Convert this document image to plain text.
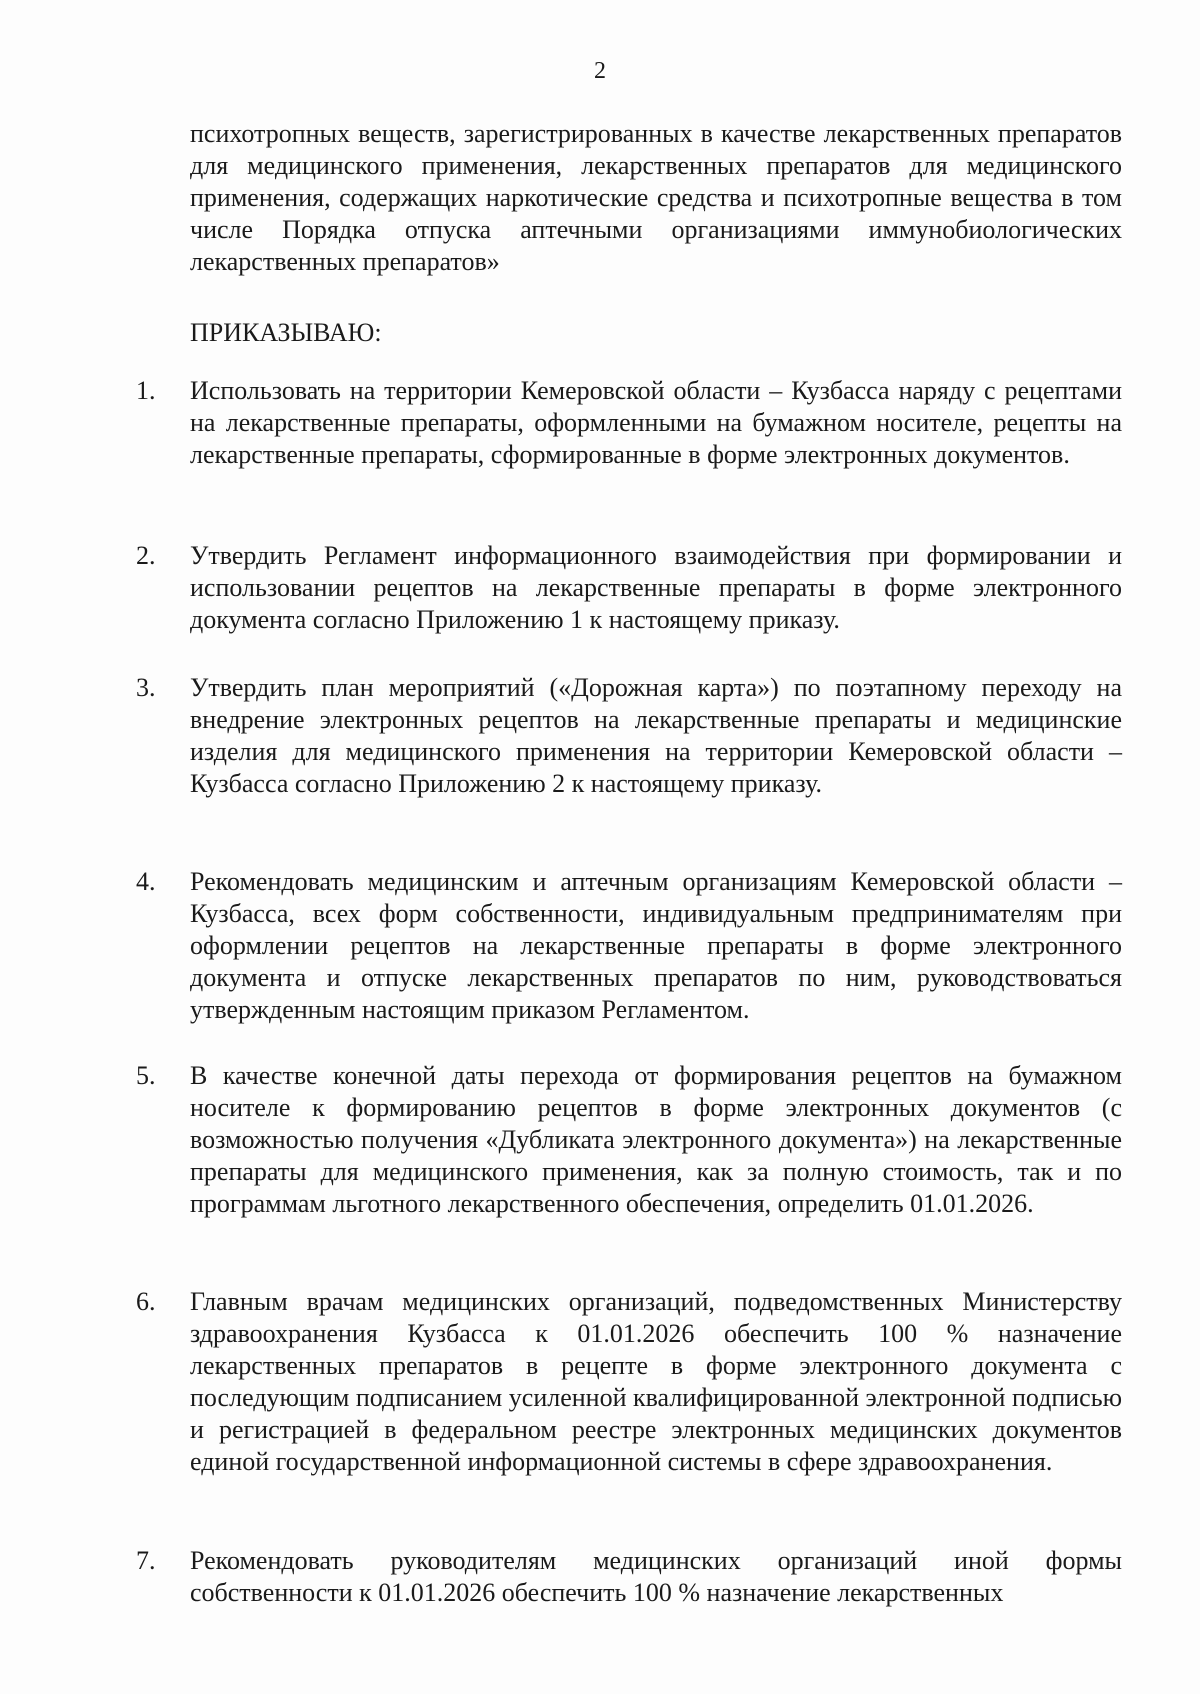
2
психотропных веществ, зарегистрированных в качестве лекарственных препаратов для медицинского применения, лекарственных препаратов для медицинского применения, содержащих наркотические средства и психотропные вещества в том числе Порядка отпуска аптечными организациями иммунобиологических лекарственных препаратов»
ПРИКАЗЫВАЮ:
1.	Использовать на территории Кемеровской области – Кузбасса наряду с рецептами на лекарственные препараты, оформленными на бумажном носителе, рецепты на лекарственные препараты, сформированные в форме электронных документов.
2.	Утвердить Регламент информационного взаимодействия при формировании и использовании рецептов на лекарственные препараты в форме электронного документа согласно Приложению 1 к настоящему приказу.
3.	Утвердить план мероприятий («Дорожная карта») по поэтапному переходу на внедрение электронных рецептов на лекарственные препараты и медицинские изделия для медицинского применения на территории Кемеровской области – Кузбасса согласно Приложению 2 к настоящему приказу.
4.	Рекомендовать медицинским и аптечным организациям Кемеровской области – Кузбасса, всех форм собственности, индивидуальным предпринимателям при оформлении рецептов на лекарственные препараты в форме электронного документа и отпуске лекарственных препаратов по ним, руководствоваться утвержденным настоящим приказом Регламентом.
5.	В качестве конечной даты перехода от формирования рецептов на бумажном носителе к формированию рецептов в форме электронных документов (с возможностью получения «Дубликата электронного документа») на лекарственные препараты для медицинского применения, как за полную стоимость, так и по программам льготного лекарственного обеспечения, определить 01.01.2026.
6.	Главным врачам медицинских организаций, подведомственных Министерству здравоохранения Кузбасса к 01.01.2026 обеспечить 100 % назначение лекарственных препаратов в рецепте в форме электронного документа с последующим подписанием усиленной квалифицированной электронной подписью и регистрацией в федеральном реестре электронных медицинских документов единой государственной информационной системы в сфере здравоохранения.
7.	Рекомендовать руководителям медицинских организаций иной формы собственности к 01.01.2026 обеспечить 100 % назначение лекарственных
